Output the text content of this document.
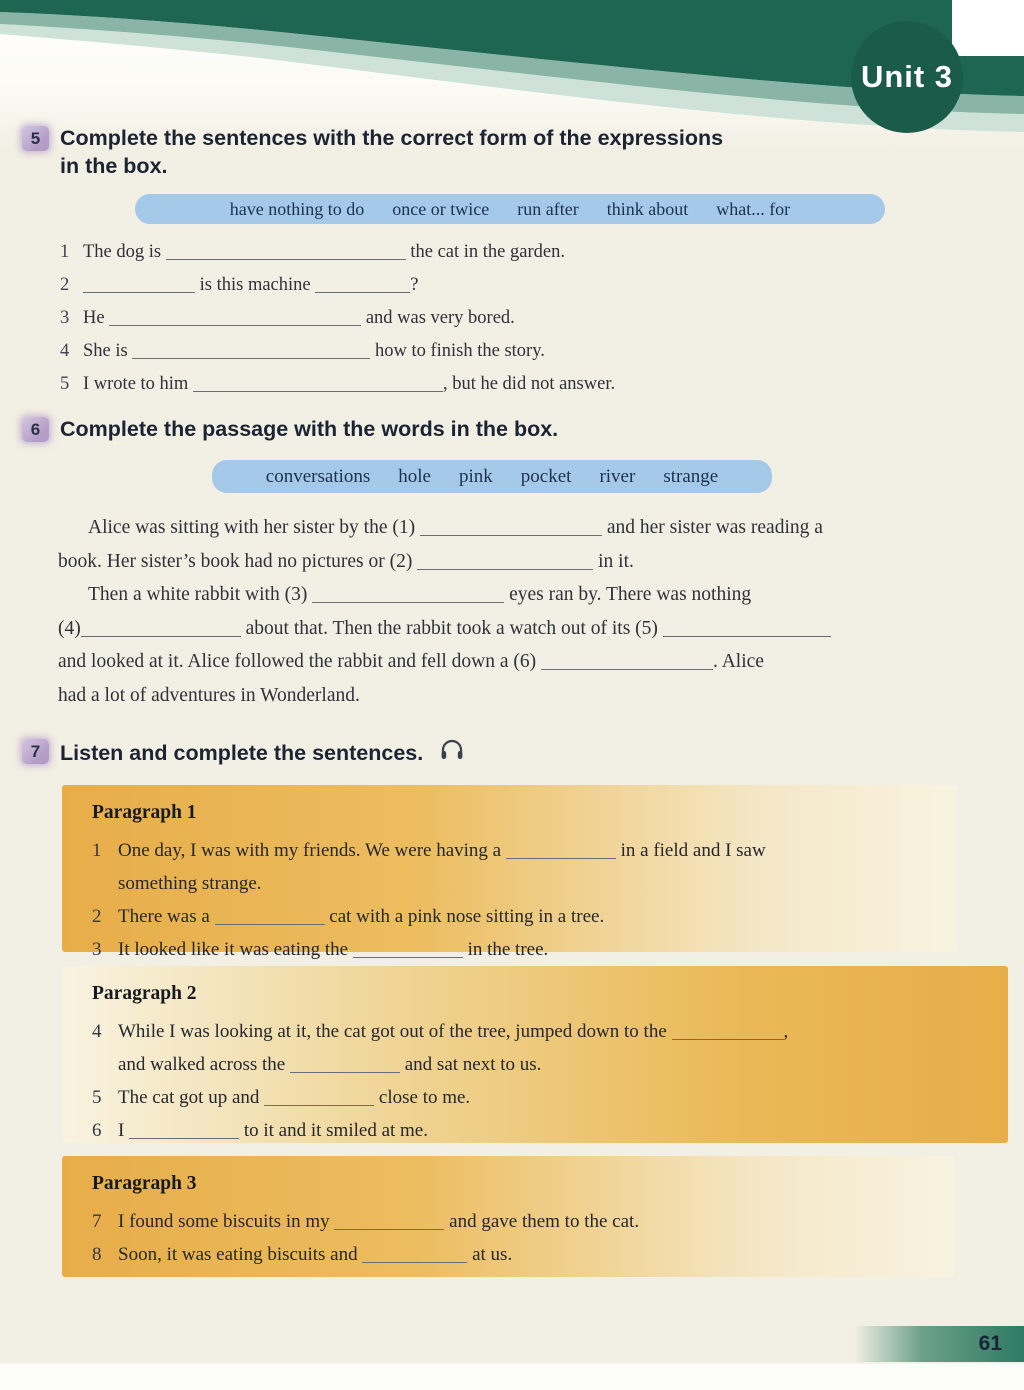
Unit 3
5 Complete the sentences with the correct form of the expressions
in the box.
have nothing to do once or twice run after think about what... for
1 The dog is	the cat in the garden.
2	is this machine	?
3 He	and was very bored.
4 She is	how to finish the story.
5 I wrote to him	, but he did not answer.
6 Complete the passage with the words in the box.
conversations hole pink pocket river strange
Alice was sitting with her sister by the (1)	and her sister was reading a
book. Her sister’s book had no pictures or (2)	in it.
Then a white rabbit with (3)	eyes ran by. There was nothing
(4)	about that. Then the rabbit took a watch out of its (5)
and looked at it. Alice followed the rabbit and fell down a (6)	. Alice
had a lot of adventures in Wonderland.
7 Listen and complete the sentences.
Paragraph 1
1 One day, I was with my friends. We were having a	in a field and I saw
something strange.
2 There was a	cat with a pink nose sitting in a tree.
3 It looked like it was eating the	in the tree.
Paragraph 2
4 While I was looking at it, the cat got out of the tree, jumped down to the	,
and walked across the	and sat next to us.
5 The cat got up and	close to me.
6 I	to it and it smiled at me.
Paragraph 3
7 I found some biscuits in my	and gave them to the cat.
8 Soon, it was eating biscuits and	at us.
61
